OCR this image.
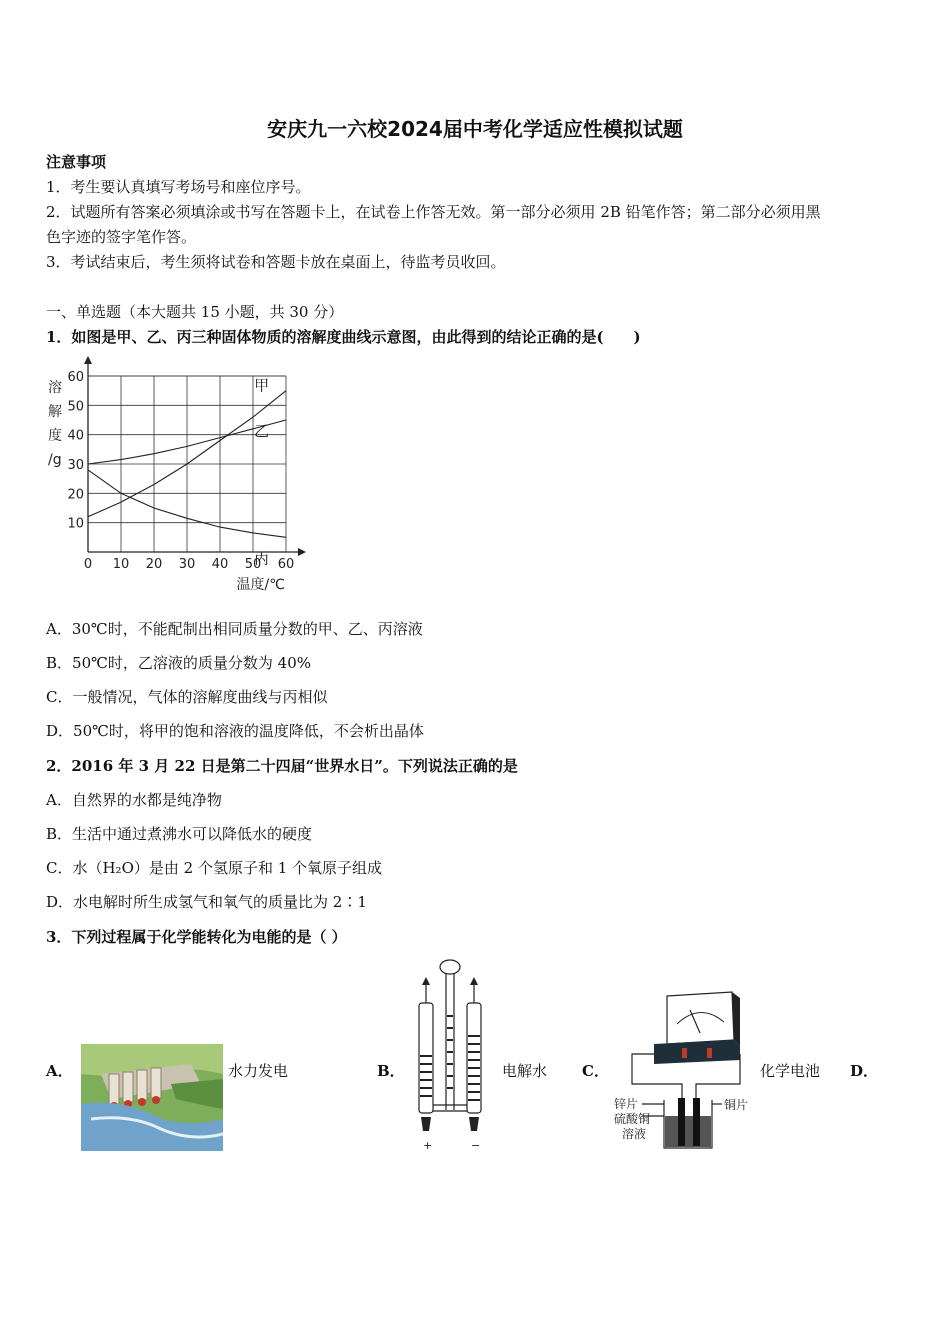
安庆九一六校2024届中考化学适应性模拟试题
注意事项
1．考生要认真填写考场号和座位序号。
2．试题所有答案必须填涂或书写在答题卡上，在试卷上作答无效。第一部分必须用 2B 铅笔作答；第二部分必须用黑
色字迹的签字笔作答。
3．考试结束后，考生须将试卷和答题卡放在桌面上，待监考员收回。
一、单选题（本大题共 15 小题，共 30 分）
1．如图是甲、乙、丙三种固体物质的溶解度曲线示意图，由此得到的结论正确的是(　　)
0 10 20 30 40 50 60
10
20
30
40
50
60
温度/℃
溶
解
度
/g
甲
乙
丙
A．30℃时，不能配制出相同质量分数的甲、乙、丙溶液
B．50℃时，乙溶液的质量分数为 40%
C．一般情况，气体的溶解度曲线与丙相似
D．50℃时，将甲的饱和溶液的温度降低，不会析出晶体
2．2016 年 3 月 22 日是第二十四届“世界水日”。下列说法正确的是
A．自然界的水都是纯净物
B．生活中通过煮沸水可以降低水的硬度
C．水（H₂O）是由 2 个氢原子和 1 个氧原子组成
D．水电解时所生成氢气和氧气的质量比为 2∶1
3．下列过程属于化学能转化为电能的是（ ）
A．	水力发电	B．
+	−
电解水 C．
锌片
硫酸铜
溶液
铜片
化学电池 D．
